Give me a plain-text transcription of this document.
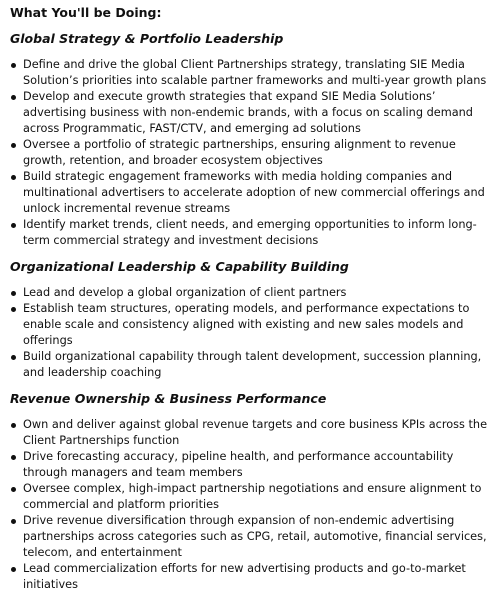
What You'll be Doing:
Global Strategy & Portfolio Leadership
Define and drive the global Client Partnerships strategy, translating SIE Media Solution’s priorities into scalable partner frameworks and multi-year growth plans
Develop and execute growth strategies that expand SIE Media Solutions’ advertising business with non-endemic brands, with a focus on scaling demand across Programmatic, FAST/CTV, and emerging ad solutions
Oversee a portfolio of strategic partnerships, ensuring alignment to revenue growth, retention, and broader ecosystem objectives
Build strategic engagement frameworks with media holding companies and multinational advertisers to accelerate adoption of new commercial offerings and unlock incremental revenue streams
Identify market trends, client needs, and emerging opportunities to inform long-term commercial strategy and investment decisions
Organizational Leadership & Capability Building
Lead and develop a global organization of client partners
Establish team structures, operating models, and performance expectations to enable scale and consistency aligned with existing and new sales models and offerings
Build organizational capability through talent development, succession planning, and leadership coaching
Revenue Ownership & Business Performance
Own and deliver against global revenue targets and core business KPIs across the Client Partnerships function
Drive forecasting accuracy, pipeline health, and performance accountability through managers and team members
Oversee complex, high-impact partnership negotiations and ensure alignment to commercial and platform priorities
Drive revenue diversification through expansion of non-endemic advertising partnerships across categories such as CPG, retail, automotive, financial services, telecom, and entertainment
Lead commercialization efforts for new advertising products and go-to-market initiatives
